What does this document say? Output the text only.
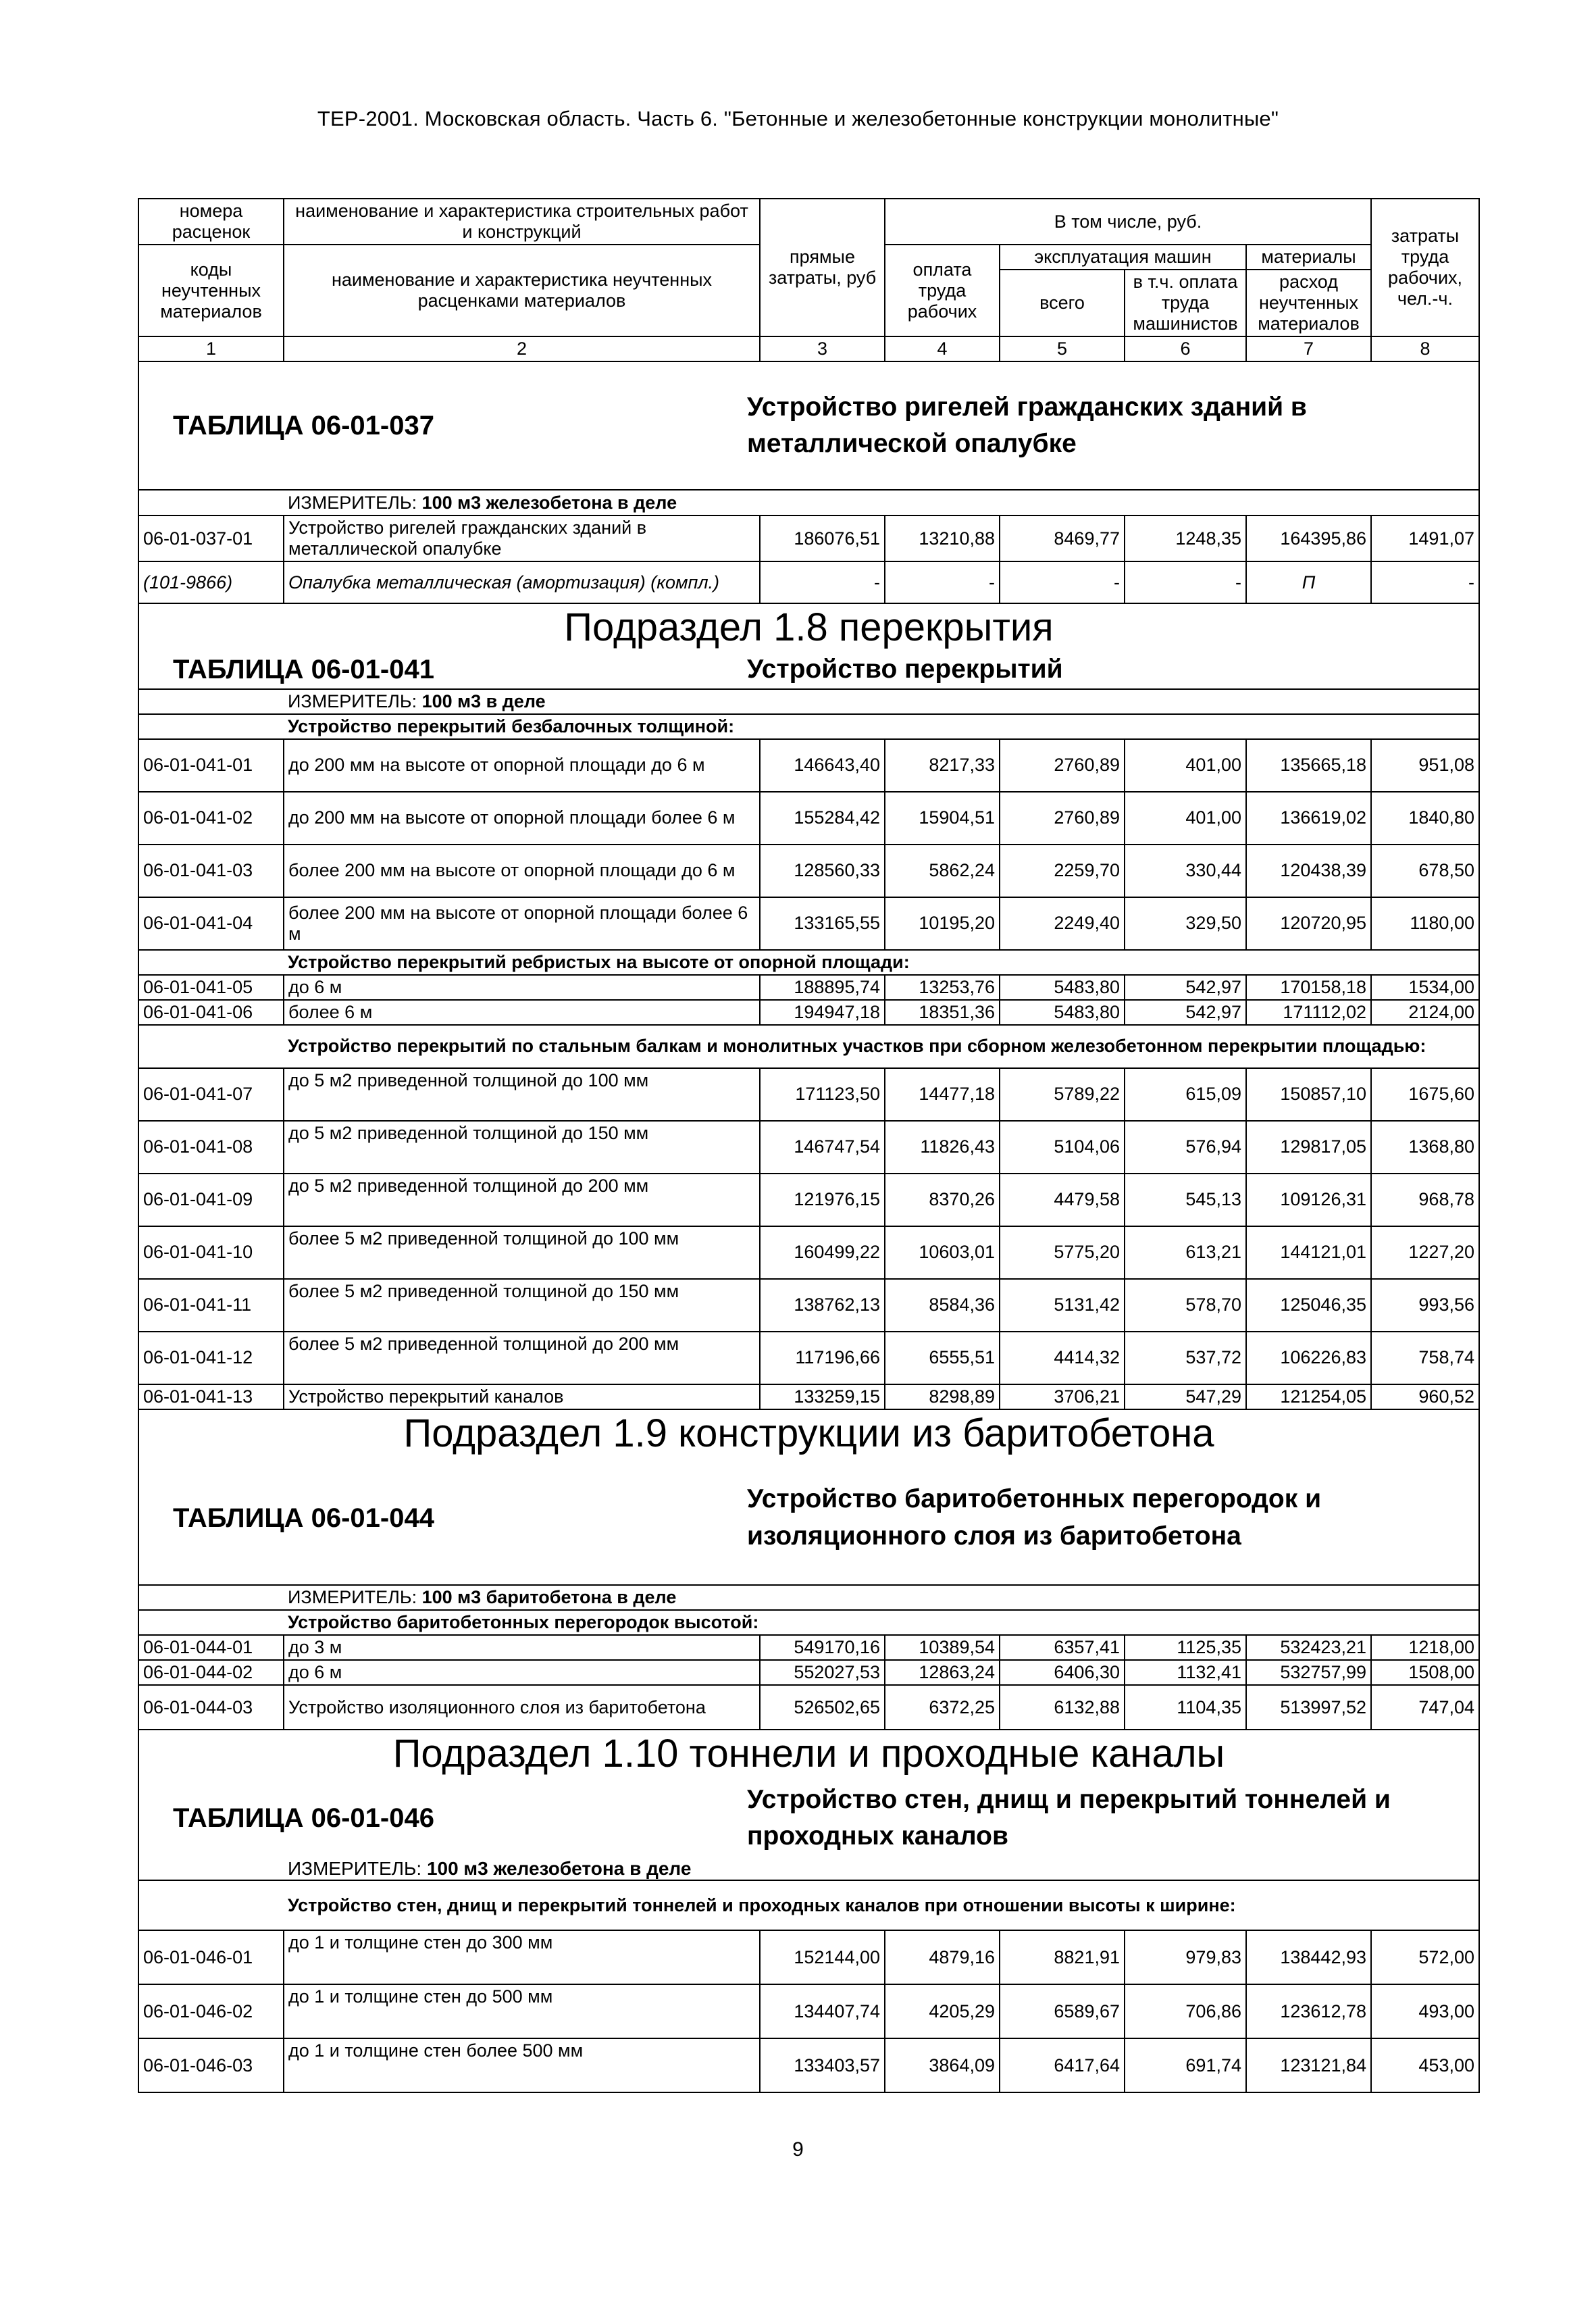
ТЕР-2001. Московская область. Часть 6. "Бетонные и железобетонные конструкции монолитные"
номера расценок	наименование и характеристика строительных работ и конструкций	прямые затраты, руб	В том числе, руб.				затраты труда рабочих, чел.-ч.
коды неучтенных материалов	наименование и характеристика неучтенных расценками материалов		оплата труда рабочих	эксплуатация машин		материалы	
				всего	в т.ч. оплата труда машинистов	расход неучтенных материалов	
1	2	3	4	5	6	7	8

ТАБЛИЦА 06-01-037
Устройство ригелей гражданских зданий в металлической опалубке							

	ИЗМЕРИТЕЛЬ: 100 м3 железобетона в деле						
06-01-037-01	Устройство ригелей гражданских зданий в металлической опалубке	186076,51	13210,88	8469,77	1248,35	164395,86	1491,07
(101-9866)	Опалубка металлическая (амортизация) (компл.)	-	-	-	-	П	-

Подраздел 1.8 перекрытия
ТАБЛИЦА 06-01-041 Устройство перекрытий							

	ИЗМЕРИТЕЛЬ: 100 м3 в деле						
	Устройство перекрытий безбалочных толщиной:						
06-01-041-01	до 200 мм на высоте от опорной площади до 6 м	146643,40	8217,33	2760,89	401,00	135665,18	951,08
06-01-041-02	до 200 мм на высоте от опорной площади более 6 м	155284,42	15904,51	2760,89	401,00	136619,02	1840,80
06-01-041-03	более 200 мм на высоте от опорной площади до 6 м	128560,33	5862,24	2259,70	330,44	120438,39	678,50
06-01-041-04	более 200 мм на высоте от опорной площади более 6 м	133165,55	10195,20	2249,40	329,50	120720,95	1180,00
	Устройство перекрытий ребристых на высоте от опорной площади:						
06-01-041-05	до 6 м	188895,74	13253,76	5483,80	542,97	170158,18	1534,00
06-01-041-06	более 6 м	194947,18	18351,36	5483,80	542,97	171112,02	2124,00
	Устройство перекрытий по стальным балкам и монолитных участков при сборном железобетонном перекрытии площадью:						
06-01-041-07	до 5 м2 приведенной толщиной до 100 мм	171123,50	14477,18	5789,22	615,09	150857,10	1675,60
06-01-041-08	до 5 м2 приведенной толщиной до 150 мм	146747,54	11826,43	5104,06	576,94	129817,05	1368,80
06-01-041-09	до 5 м2 приведенной толщиной до 200 мм	121976,15	8370,26	4479,58	545,13	109126,31	968,78
06-01-041-10	более 5 м2 приведенной толщиной до 100 мм	160499,22	10603,01	5775,20	613,21	144121,01	1227,20
06-01-041-11	более 5 м2 приведенной толщиной до 150 мм	138762,13	8584,36	5131,42	578,70	125046,35	993,56
06-01-041-12	более 5 м2 приведенной толщиной до 200 мм	117196,66	6555,51	4414,32	537,72	106226,83	758,74
06-01-041-13	Устройство перекрытий каналов	133259,15	8298,89	3706,21	547,29	121254,05	960,52

Подраздел 1.9 конструкции из баритобетона
ТАБЛИЦА 06-01-044
Устройство баритобетонных перегородок и изоляционного слоя из баритобетона							

	ИЗМЕРИТЕЛЬ: 100 м3 баритобетона в деле						
	Устройство баритобетонных перегородок высотой:						
06-01-044-01	до 3 м	549170,16	10389,54	6357,41	1125,35	532423,21	1218,00
06-01-044-02	до 6 м	552027,53	12863,24	6406,30	1132,41	532757,99	1508,00
06-01-044-03	Устройство изоляционного слоя из баритобетона	526502,65	6372,25	6132,88	1104,35	513997,52	747,04

Подраздел 1.10 тоннели и проходные каналы
ТАБЛИЦА 06-01-046
Устройство стен, днищ и перекрытий тоннелей и проходных каналов
ИЗМЕРИТЕЛЬ: 100 м3 железобетона в деле							

	Устройство стен, днищ и перекрытий тоннелей и проходных каналов при отношении высоты к ширине:						
06-01-046-01	до 1 и толщине стен до 300 мм	152144,00	4879,16	8821,91	979,83	138442,93	572,00
06-01-046-02	до 1 и толщине стен до 500 мм	134407,74	4205,29	6589,67	706,86	123612,78	493,00
06-01-046-03	до 1 и толщине стен более 500 мм	133403,57	3864,09	6417,64	691,74	123121,84	453,00
9
